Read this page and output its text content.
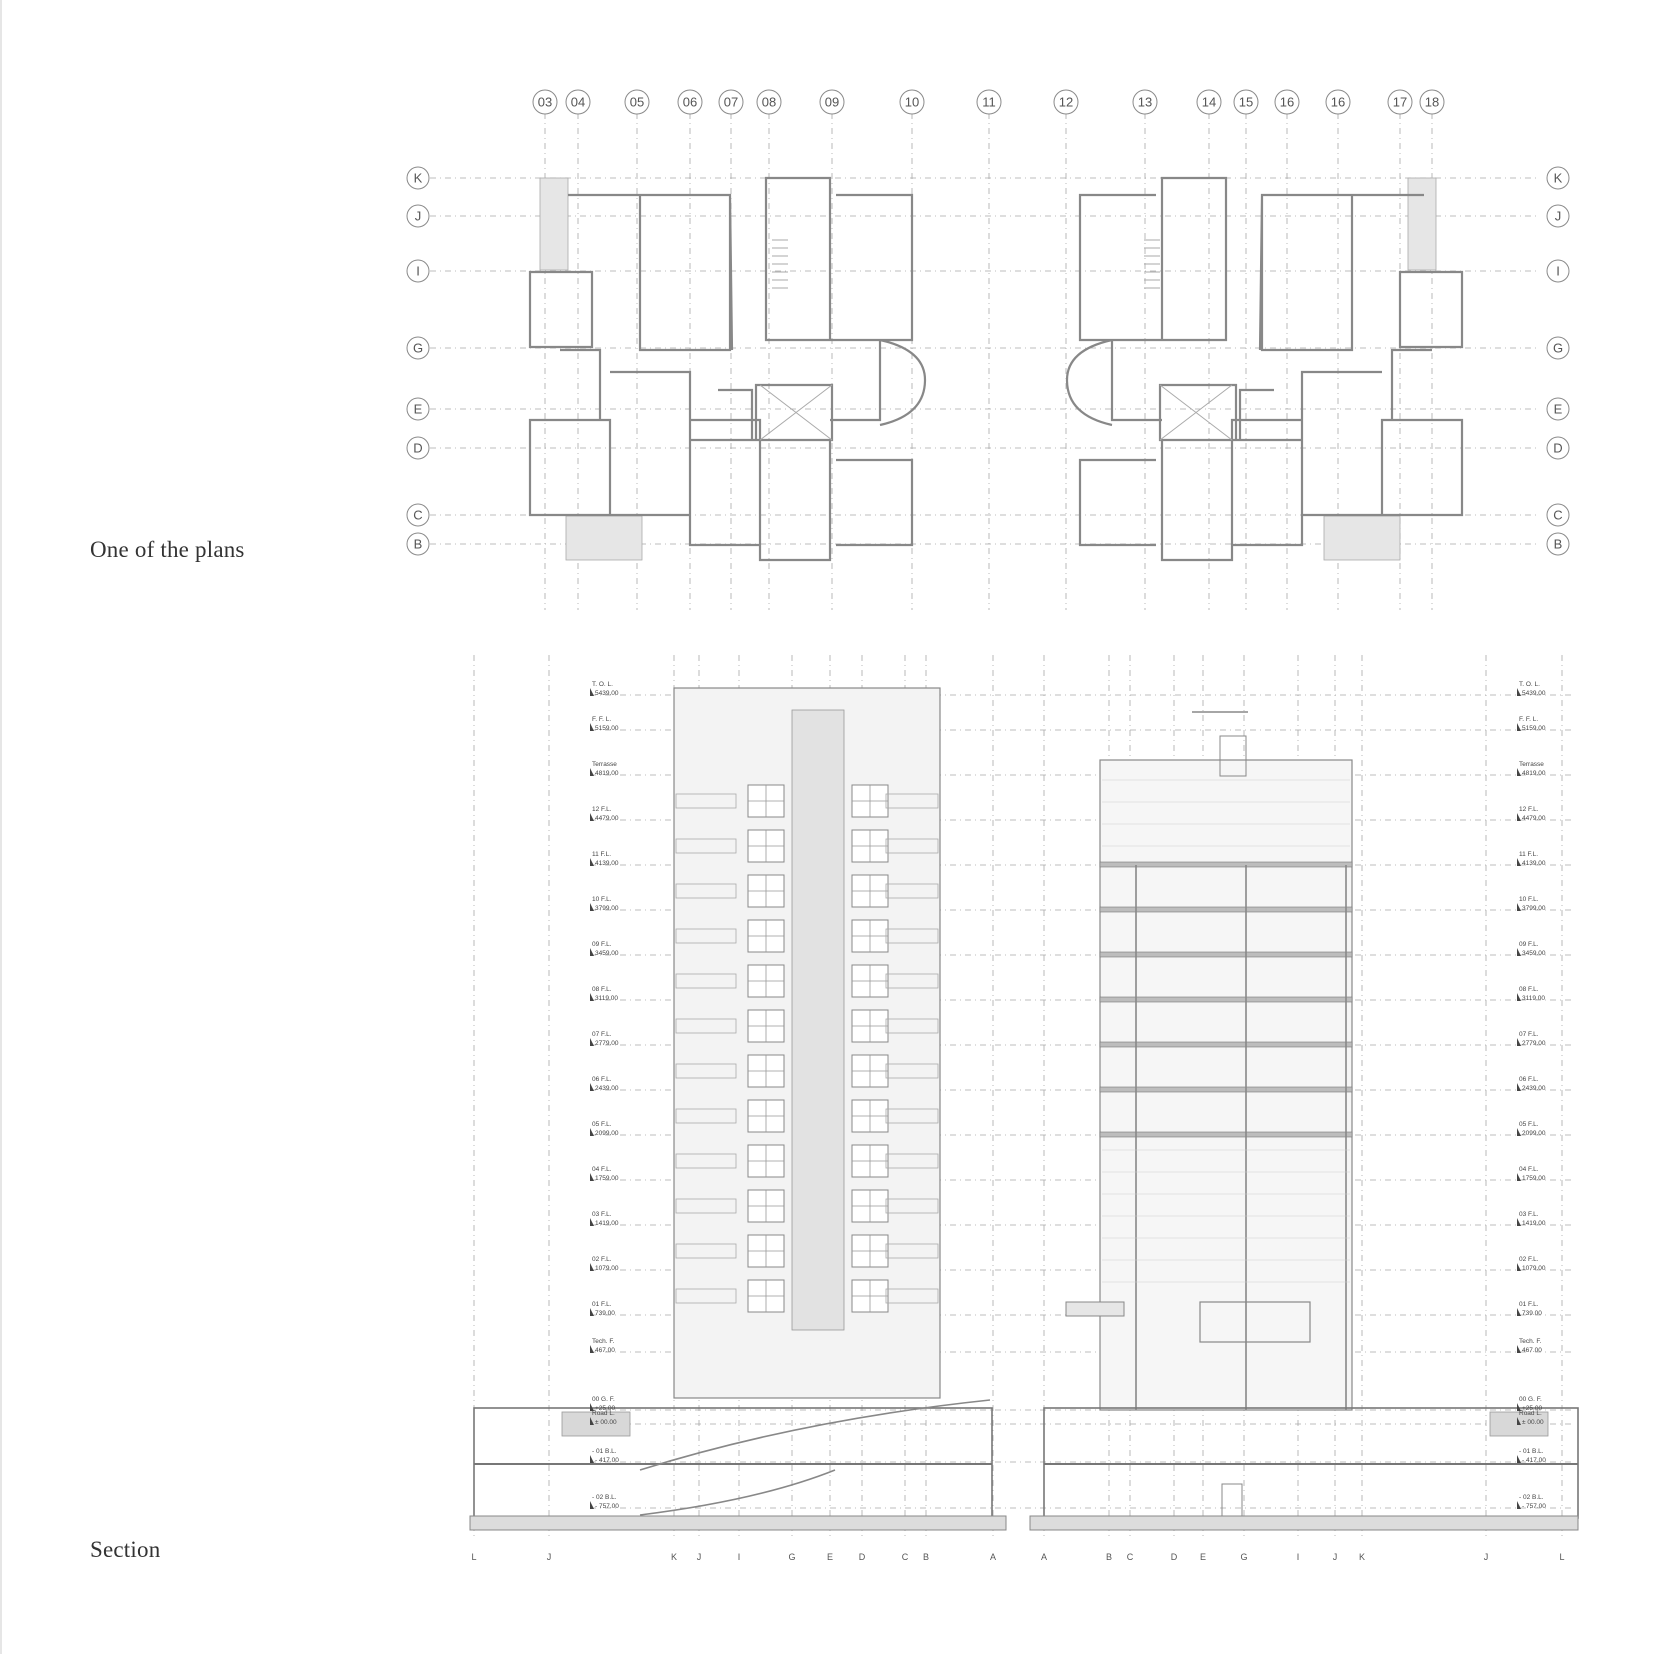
One of the plans
Section
03 04	05	06 07 08	09	10	11	12	13	14 15 16	16	17 18
K	K
J	J
I	I
G	G
E	E
D	D
C	C
B	B
T. O. L.
5439.00
F. F. L.
5159.00
Terrasse
4819.00
12 F.L.
4479.00
11 F.L.
4139.00
10 F.L.
3799.00
09 F.L.
3459.00
08 F.L.
3119.00
07 F.L.
2779.00
06 F.L.
2439.00
05 F.L.
2099.00
04 F.L.
1759.00
03 F.L.
1419.00
02 F.L.
1079.00
01 F.L.
739.00
Tech. F.
467.00
00 G. F.
+25.00
Road L.
± 00.00
- 01 B.L.
- 417.00
- 02 B.L.
- 757.00
T. O. L.
5439.00
F. F. L.
5159.00
Terrasse
4819.00
12 F.L.
4479.00
11 F.L.
4139.00
10 F.L.
3799.00
09 F.L.
3459.00
08 F.L.
3119.00
07 F.L.
2779.00
06 F.L.
2439.00
05 F.L.
2099.00
04 F.L.
1759.00
03 F.L.
1419.00
02 F.L.
1079.00
01 F.L.
739.00
Tech. F.
467.00
00 G. F.
+25.00
Road L.
± 00.00
- 01 B.L.
- 417.00
- 02 B.L.
- 757.00
L	J	K J	I	G	E	D	C B	A	A	B C	D	E	G	I	J K	J	L
